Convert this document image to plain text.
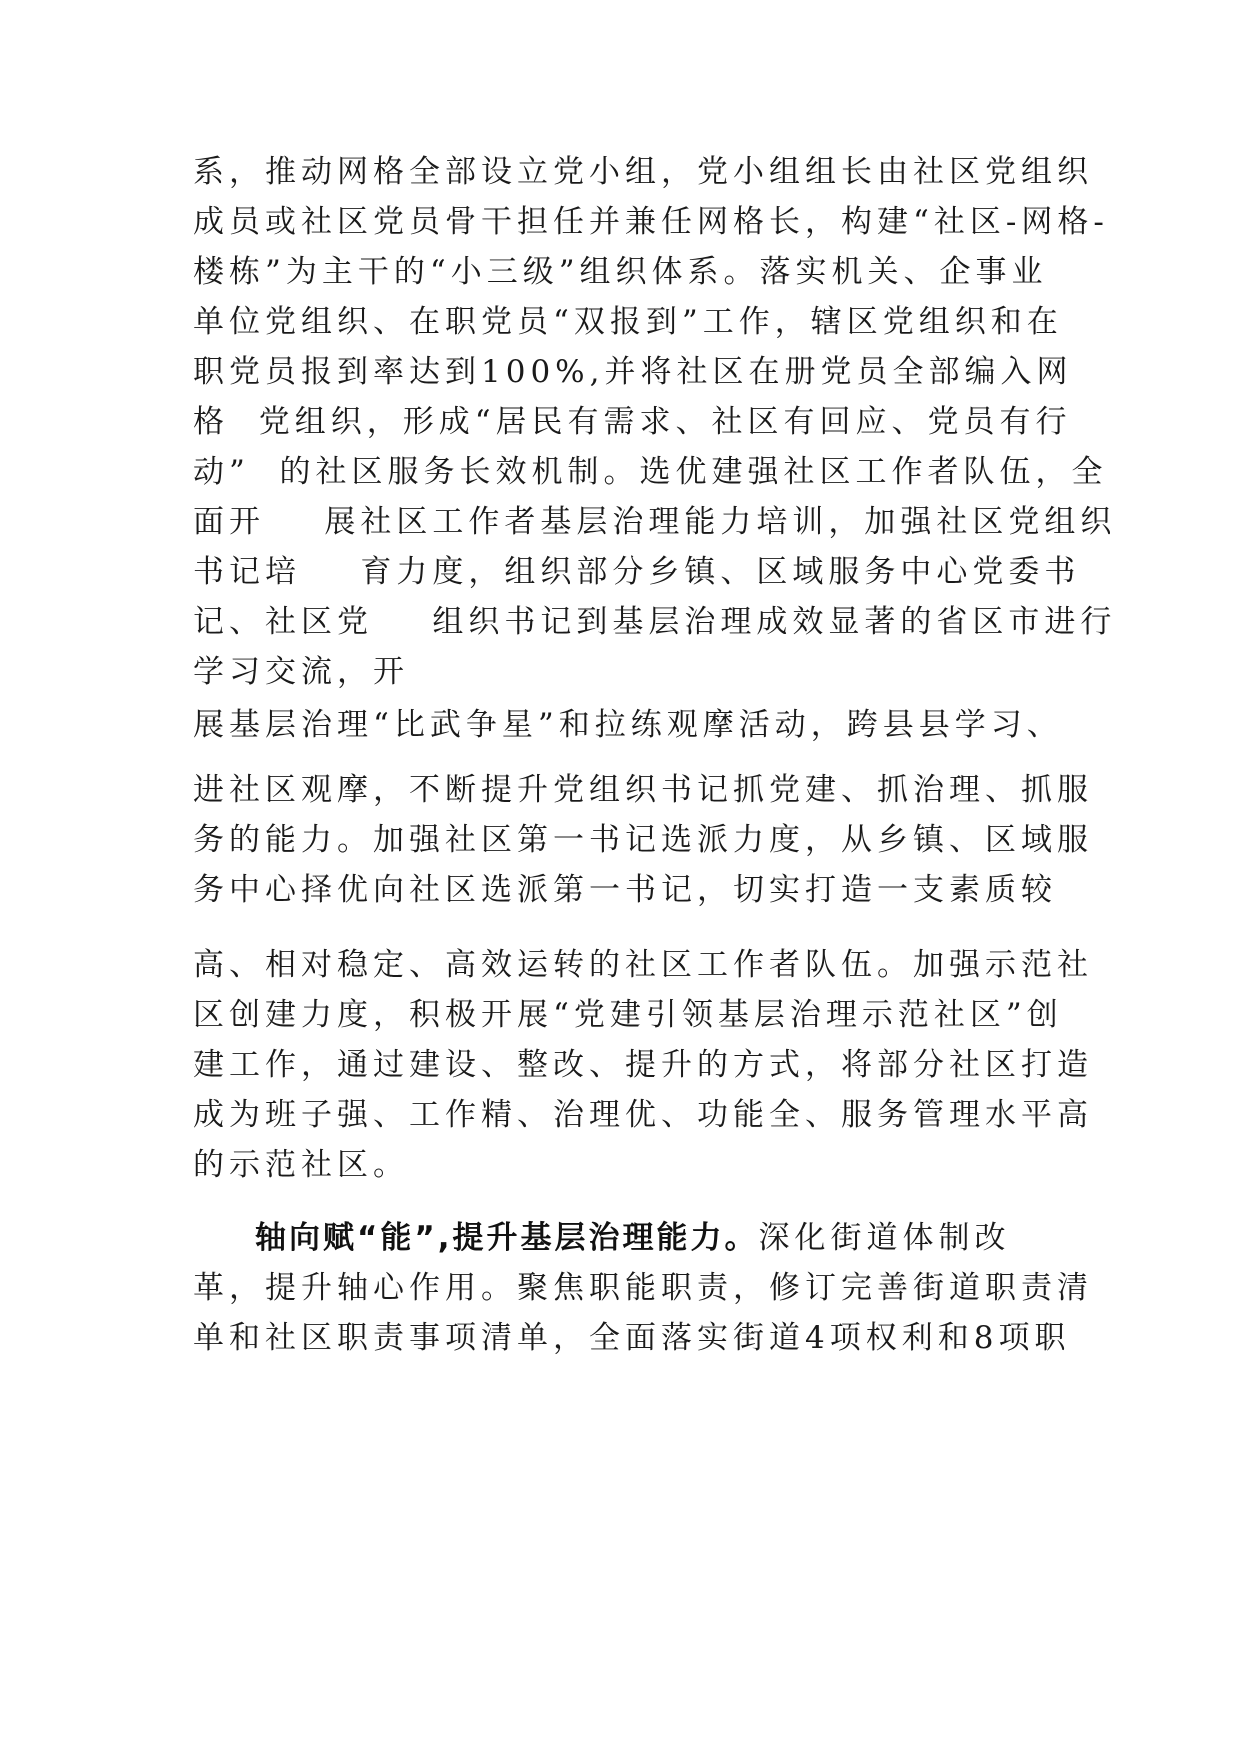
系，推动网格全部设立党小组，党小组组长由社区党组织

成员或社区党员骨干担任并兼任网格长，构建“社区-网格-

楼栋”为主干的“小三级”组织体系。落实机关、企事业

单位党组织、在职党员“双报到”工作，辖区党组织和在

职党员报到率达到100%,并将社区在册党员全部编入网

格  党组织，形成“居民有需求、社区有回应、党员有行

动”  的社区服务长效机制。选优建强社区工作者队伍，全

面开    展社区工作者基层治理能力培训，加强社区党组织

书记培    育力度，组织部分乡镇、区域服务中心党委书

记、社区党    组织书记到基层治理成效显著的省区市进行

学习交流，开

展基层治理“比武争星”和拉练观摩活动，跨县县学习、

进社区观摩，不断提升党组织书记抓党建、抓治理、抓服

务的能力。加强社区第一书记选派力度，从乡镇、区域服

务中心择优向社区选派第一书记，切实打造一支素质较

高、相对稳定、高效运转的社区工作者队伍。加强示范社

区创建力度，积极开展“党建引领基层治理示范社区”创

建工作，通过建设、整改、提升的方式，将部分社区打造

成为班子强、工作精、治理优、功能全、服务管理水平高

的示范社区。

轴向赋“能”,提升基层治理能力。深化街道体制改

革，提升轴心作用。聚焦职能职责，修订完善街道职责清

单和社区职责事项清单，全面落实街道4项权利和8项职
